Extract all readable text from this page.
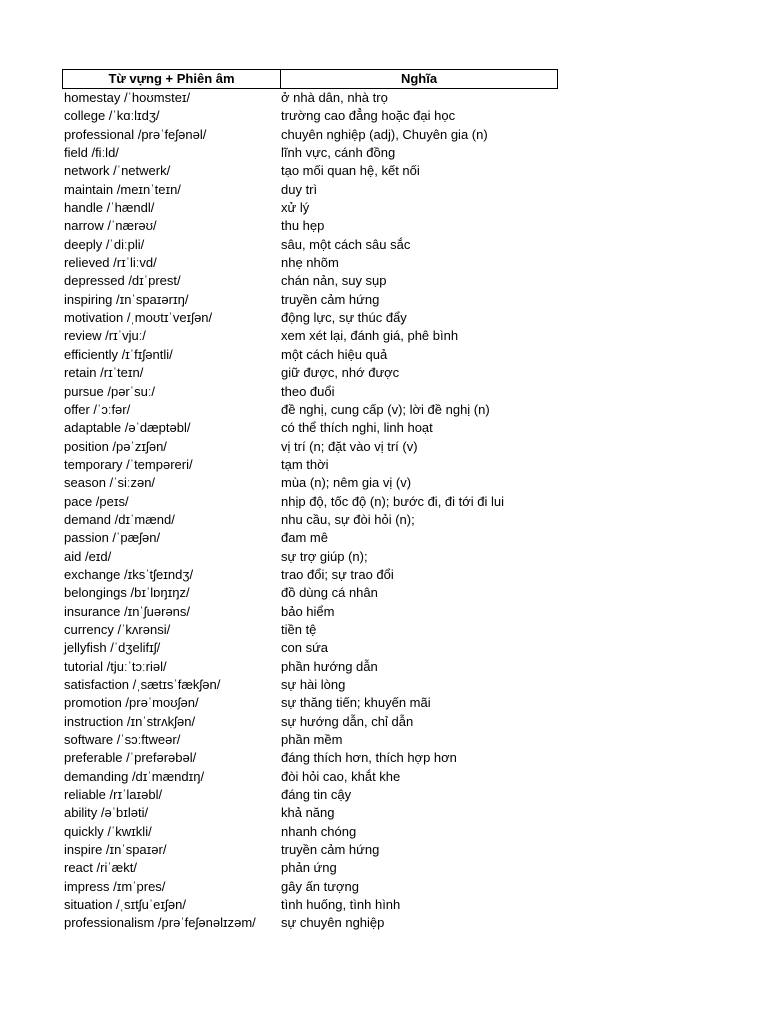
Từ vựng + Phiên âm	Nghĩa
homestay /ˈhoʊmsteɪ/	ở nhà dân, nhà trọ
college /ˈkɑːlɪdʒ/	trường cao đẳng hoặc đại học
professional /prəˈfeʃənəl/	chuyên nghiệp (adj), Chuyên gia (n)
field /fiːld/	lĩnh vực, cánh đồng
network /ˈnetwerk/	tạo mối quan hệ, kết nối
maintain /meɪnˈteɪn/	duy trì
handle /ˈhændl/	xử lý
narrow /ˈnærəʊ/	thu hẹp
deeply /ˈdiːpli/	sâu, một cách sâu sắc
relieved /rɪˈliːvd/	nhẹ nhõm
depressed /dɪˈprest/	chán nản, suy sụp
inspiring /ɪnˈspaɪərɪŋ/	truyền cảm hứng
motivation /ˌmoʊtɪˈveɪʃən/	động lực, sự thúc đẩy
review /rɪˈvjuː/	xem xét lại, đánh giá, phê bình
efficiently /ɪˈfɪʃəntli/	một cách hiệu quả
retain /rɪˈteɪn/	giữ được, nhớ được
pursue /pərˈsuː/	theo đuổi
offer /ˈɔːfər/	đề nghị, cung cấp (v); lời đề nghị (n)
adaptable /əˈdæptəbl/	có thể thích nghi, linh hoạt
position /pəˈzɪʃən/	vị trí (n; đặt vào vị trí (v)
temporary /ˈtempəreri/	tạm thời
season /ˈsiːzən/	mùa (n); nêm gia vị (v)
pace /peɪs/	nhịp độ, tốc độ (n); bước đi, đi tới đi lui
demand /dɪˈmænd/	nhu cầu, sự đòi hỏi (n);
passion /ˈpæʃən/	đam mê
aid /eɪd/	sự trợ giúp (n);
exchange /ɪksˈtʃeɪndʒ/	trao đổi; sự trao đổi
belongings /bɪˈlɒŋɪŋz/	đồ dùng cá nhân
insurance /ɪnˈʃuərəns/	bảo hiểm
currency /ˈkʌrənsi/	tiền tệ
jellyfish /ˈdʒelifɪʃ/	con sứa
tutorial /tjuːˈtɔːriəl/	phần hướng dẫn
satisfaction /ˌsætɪsˈfækʃən/	sự hài lòng
promotion /prəˈmoʊʃən/	sự thăng tiến; khuyến mãi
instruction /ɪnˈstrʌkʃən/	sự hướng dẫn, chỉ dẫn
software /ˈsɔːftweər/	phần mềm
preferable /ˈprefərəbəl/	đáng thích hơn, thích hợp hơn
demanding /dɪˈmændɪŋ/	đòi hỏi cao, khắt khe
reliable /rɪˈlaɪəbl/	đáng tin cậy
ability /əˈbɪləti/	khả năng
quickly /ˈkwɪkli/	nhanh chóng
inspire /ɪnˈspaɪər/	truyền cảm hứng
react /riˈækt/	phản ứng
impress /ɪmˈpres/	gây ấn tượng
situation /ˌsɪtʃuˈeɪʃən/	tình huống, tình hình
professionalism /prəˈfeʃənəlɪzəm/	sự chuyên nghiệp
